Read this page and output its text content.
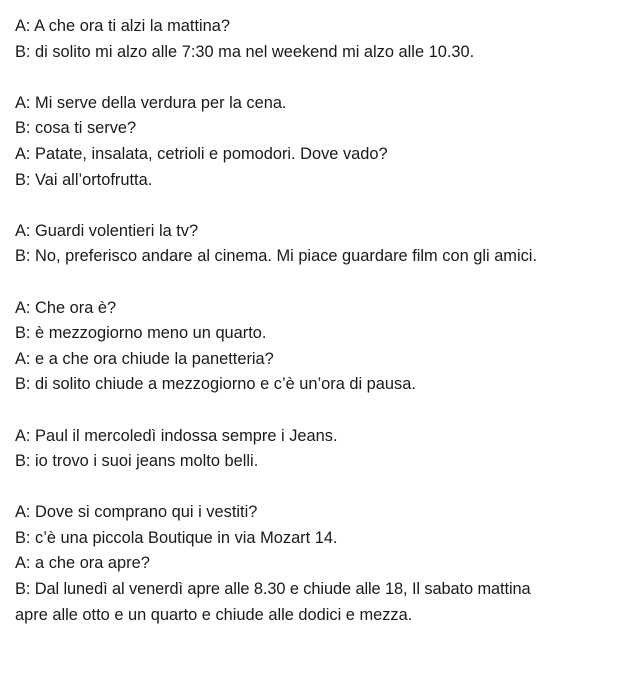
A: A che ora ti alzi la mattina?
B: di solito mi alzo alle 7:30 ma nel weekend mi alzo alle 10.30.
A: Mi serve della verdura per la cena.
B: cosa ti serve?
A: Patate, insalata, cetrioli e pomodori. Dove vado?
B: Vai all’ortofrutta.
A: Guardi volentieri la tv?
B: No, preferisco andare al cinema. Mi piace guardare film con gli amici.
A: Che ora è?
B: è mezzogiorno meno un quarto.
A: e a che ora chiude la panetteria?
B: di solito chiude a mezzogiorno e c’è un’ora di pausa.
A: Paul il mercoledì indossa sempre i Jeans.
B: io trovo i suoi jeans molto belli.
A: Dove si comprano qui i vestiti?
B: c’è una piccola Boutique in via Mozart 14.
A: a che ora apre?
B: Dal lunedì al venerdì apre alle 8.30 e chiude alle 18, Il sabato mattina
apre alle otto e un quarto e chiude alle dodici e mezza.
